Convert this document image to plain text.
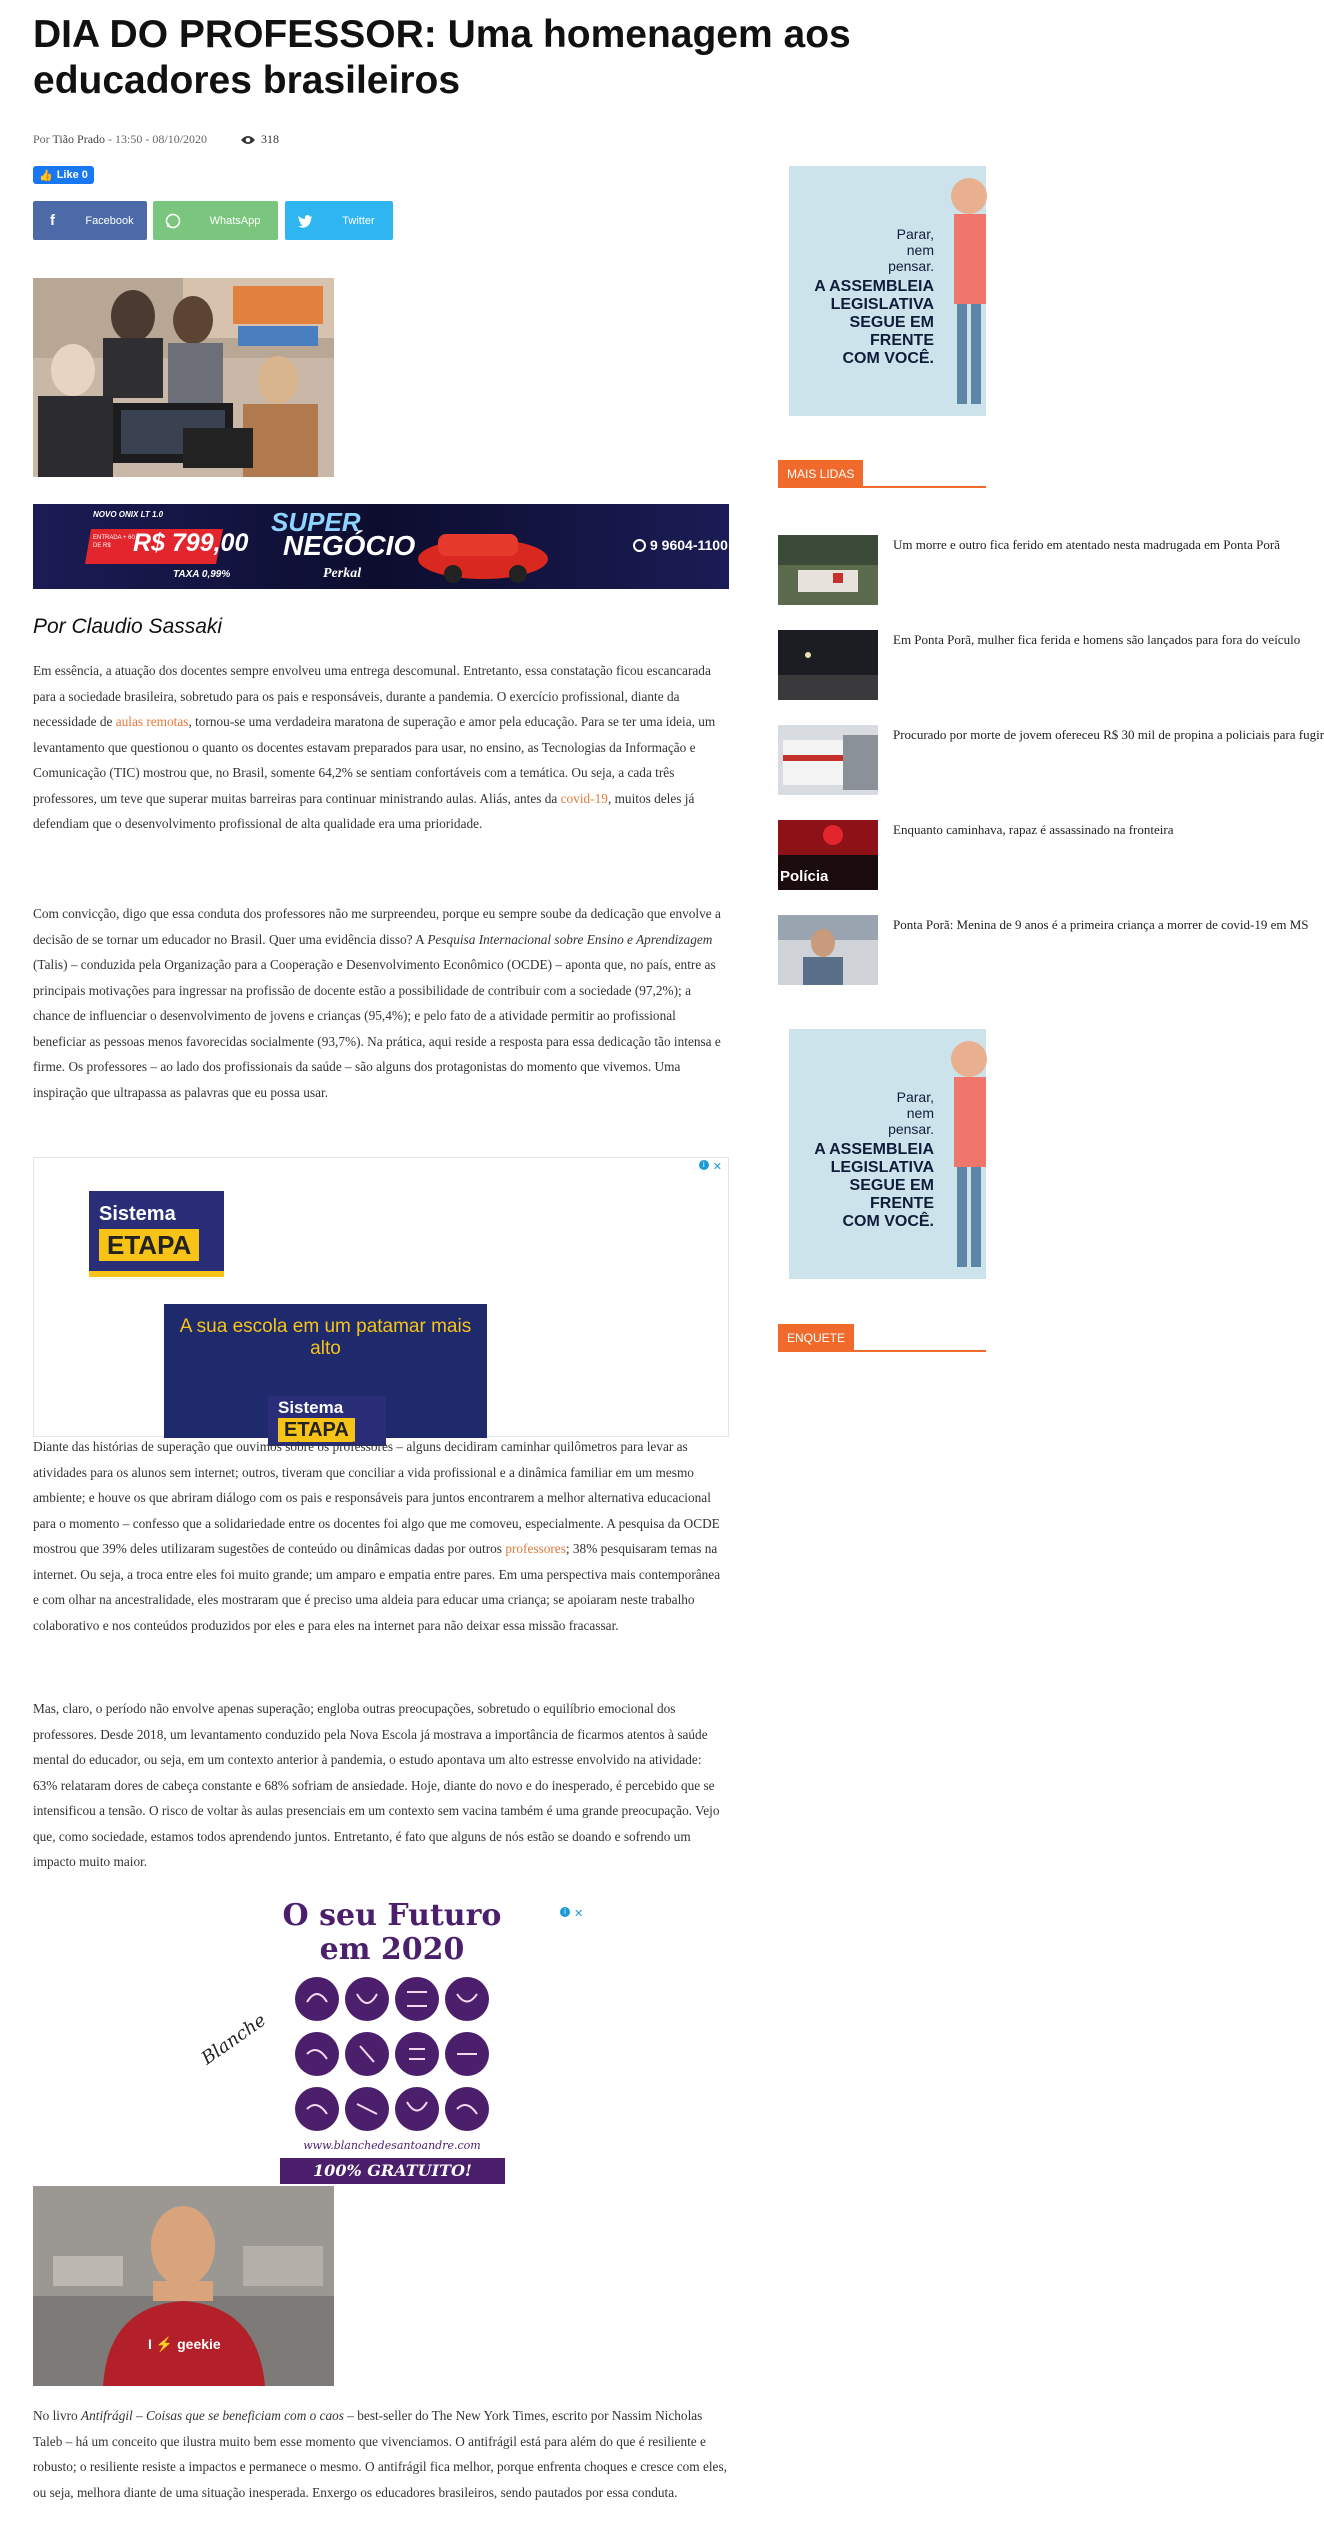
DIA DO PROFESSOR: Uma homenagem aos educadores brasileiros
Por Tião Prado - 13:50 - 08/10/2020	318
👍 Like 0
f	Facebook	WhatsApp	Twitter
NOVO ONIX LT 1.0
ENTRADA + 60 DE R$ R$ 799,00
TAXA 0,99%
SUPER
NEGÓCIO
Perkal
9 9604-1100
Por Claudio Sassaki

Em essência, a atuação dos docentes sempre envolveu uma entrega descomunal. Entretanto, essa constatação ficou escancarada para a sociedade brasileira, sobretudo para os pais e responsáveis, durante a pandemia. O exercício profissional, diante da necessidade de aulas remotas, tornou-se uma verdadeira maratona de superação e amor pela educação. Para se ter uma ideia, um levantamento que questionou o quanto os docentes estavam preparados para usar, no ensino, as Tecnologias da Informação e Comunicação (TIC) mostrou que, no Brasil, somente 64,2% se sentiam confortáveis com a temática. Ou seja, a cada três professores, um teve que superar muitas barreiras para continuar ministrando aulas. Aliás, antes da covid-19, muitos deles já defendiam que o desenvolvimento profissional de alta qualidade era uma prioridade.

Com convicção, digo que essa conduta dos professores não me surpreendeu, porque eu sempre soube da dedicação que envolve a decisão de se tornar um educador no Brasil. Quer uma evidência disso? A Pesquisa Internacional sobre Ensino e Aprendizagem (Talis) – conduzida pela Organização para a Cooperação e Desenvolvimento Econômico (OCDE) – aponta que, no país, entre as principais motivações para ingressar na profissão de docente estão a possibilidade de contribuir com a sociedade (97,2%); a chance de influenciar o desenvolvimento de jovens e crianças (95,4%); e pelo fato de a atividade permitir ao profissional beneficiar as pessoas menos favorecidas socialmente (93,7%). Na prática, aqui reside a resposta para essa dedicação tão intensa e firme. Os professores – ao lado dos profissionais da saúde – são alguns dos protagonistas do momento que vivemos. Uma inspiração que ultrapassa as palavras que eu possa usar.

i ✕
Sistema
ETAPA
A sua escola em um patamar mais alto
Sistema
ETAPA

Diante das histórias de superação que ouvimos sobre os professores – alguns decidiram caminhar quilômetros para levar as atividades para os alunos sem internet; outros, tiveram que conciliar a vida profissional e a dinâmica familiar em um mesmo ambiente; e houve os que abriram diálogo com os pais e responsáveis para juntos encontrarem a melhor alternativa educacional para o momento – confesso que a solidariedade entre os docentes foi algo que me comoveu, especialmente. A pesquisa da OCDE mostrou que 39% deles utilizaram sugestões de conteúdo ou dinâmicas dadas por outros professores; 38% pesquisaram temas na internet. Ou seja, a troca entre eles foi muito grande; um amparo e empatia entre pares. Em uma perspectiva mais contemporânea e com olhar na ancestralidade, eles mostraram que é preciso uma aldeia para educar uma criança; se apoiaram neste trabalho colaborativo e nos conteúdos produzidos por eles e para eles na internet para não deixar essa missão fracassar.

Mas, claro, o período não envolve apenas superação; engloba outras preocupações, sobretudo o equilíbrio emocional dos professores. Desde 2018, um levantamento conduzido pela Nova Escola já mostrava a importância de ficarmos atentos à saúde mental do educador, ou seja, em um contexto anterior à pandemia, o estudo apontava um alto estresse envolvido na atividade: 63% relataram dores de cabeça constante e 68% sofriam de ansiedade. Hoje, diante do novo e do inesperado, é percebido que se intensificou a tensão. O risco de voltar às aulas presenciais em um contexto sem vacina também é uma grande preocupação. Vejo que, como sociedade, estamos todos aprendendo juntos. Entretanto, é fato que alguns de nós estão se doando e sofrendo um impacto muito maior.

i ✕
O seu Futuro
em 2020
Blanche
www.blanchedesantoandre.com
100% GRATUITO!
I ⚡ geekie

No livro Antifrágil – Coisas que se beneficiam com o caos – best-seller do The New York Times, escrito por Nassim Nicholas Taleb – há um conceito que ilustra muito bem esse momento que vivenciamos. O antifrágil está para além do que é resiliente e robusto; o resiliente resiste a impactos e permanece o mesmo. O antifrágil fica melhor, porque enfrenta choques e cresce com eles, ou seja, melhora diante de uma situação inesperada. Enxergo os educadores brasileiros, sendo pautados por essa conduta.

Parar,
nem
pensar.
A ASSEMBLEIA
LEGISLATIVA
SEGUE EM
FRENTE
COM VOCÊ.
MAIS LIDAS
Um morre e outro fica ferido em atentado nesta madrugada em Ponta Porã
Em Ponta Porã, mulher fica ferida e homens são lançados para fora do veículo
Procurado por morte de jovem ofereceu R$ 30 mil de propina a policiais para fugir
Polícia
Enquanto caminhava, rapaz é assassinado na fronteira
Ponta Porã: Menina de 9 anos é a primeira criança a morrer de covid-19 em MS
Parar,
nem
pensar.
A ASSEMBLEIA
LEGISLATIVA
SEGUE EM
FRENTE
COM VOCÊ.
ENQUETE
